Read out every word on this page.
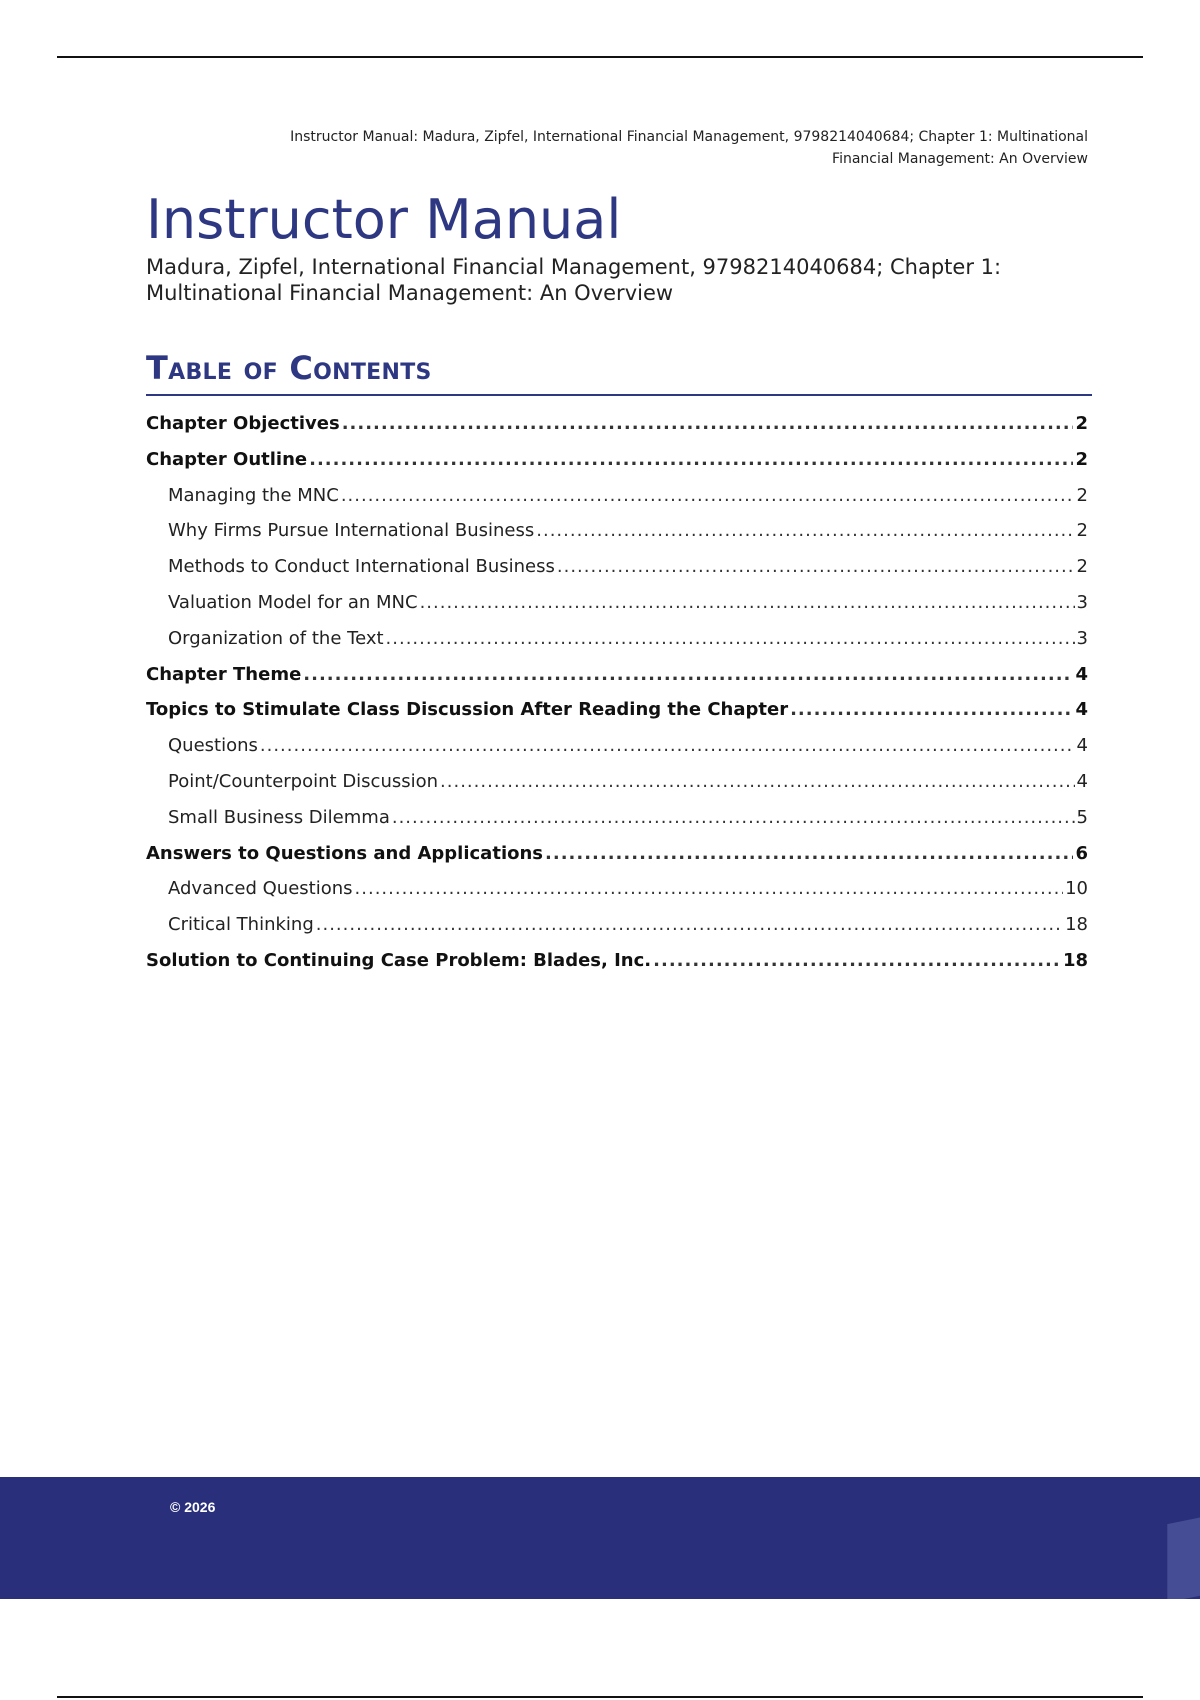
Instructor Manual: Madura, Zipfel, International Financial Management, 9798214040684; Chapter 1: Multinational
Financial Management: An Overview
Instructor Manual
Madura, Zipfel, International Financial Management, 9798214040684; Chapter 1: Multinational Financial Management: An Overview
Table of Contents
Chapter Objectives .....	2
Chapter Outline .....	2
Managing the MNC .....	2
Why Firms Pursue International Business .....	2
Methods to Conduct International Business .....	2
Valuation Model for an MNC .....	3
Organization of the Text .....	3
Chapter Theme .....	4
Topics to Stimulate Class Discussion After Reading the Chapter .....	4
Questions .....	4
Point/Counterpoint Discussion .....	4
Small Business Dilemma .....	5
Answers to Questions and Applications .....	6
Advanced Questions .....	10
Critical Thinking .....	18
Solution to Continuing Case Problem: Blades, Inc. .....	18
© 2026
